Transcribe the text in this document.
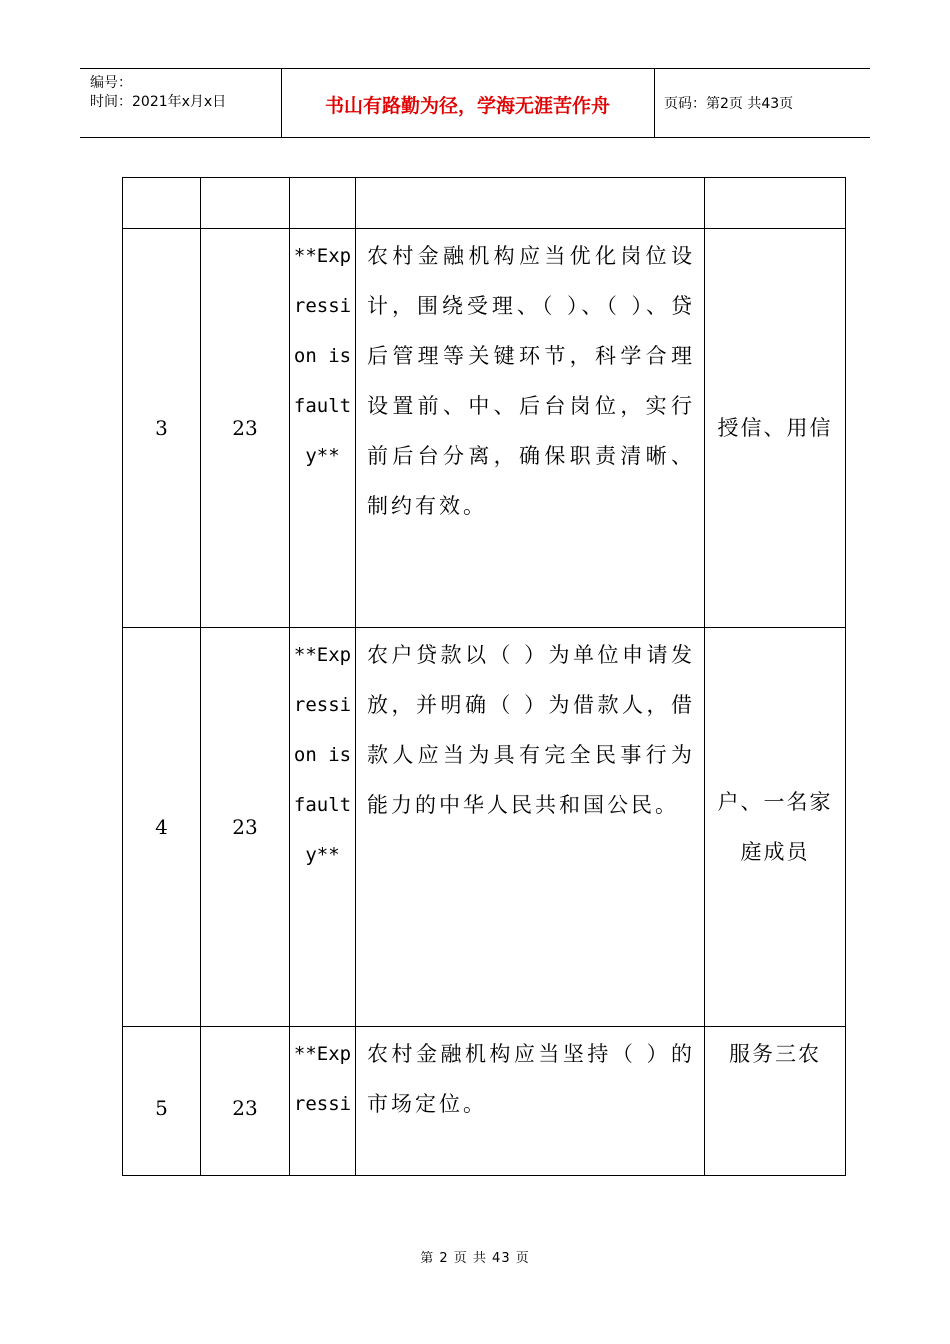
编号：
时间：2021年x月x日	书山有路勤为径，学海无涯苦作舟	页码：第2页 共43页

3	23	**Expression is faulty**	农村金融机构应当优化岗位设计，围绕受理、（ ）、（ ）、贷后管理等关键环节，科学合理设置前、中、后台岗位，实行前后台分离，确保职责清晰、制约有效。	授信、用信
4	23	**Expression is faulty**	农户贷款以（ ）为单位申请发放，并明确（ ）为借款人，借款人应当为具有完全民事行为能力的中华人民共和国公民。	户、一名家庭成员
5	23	**Expressi	农村金融机构应当坚持（ ）的市场定位。	服务三农
第 2 页 共 43 页
